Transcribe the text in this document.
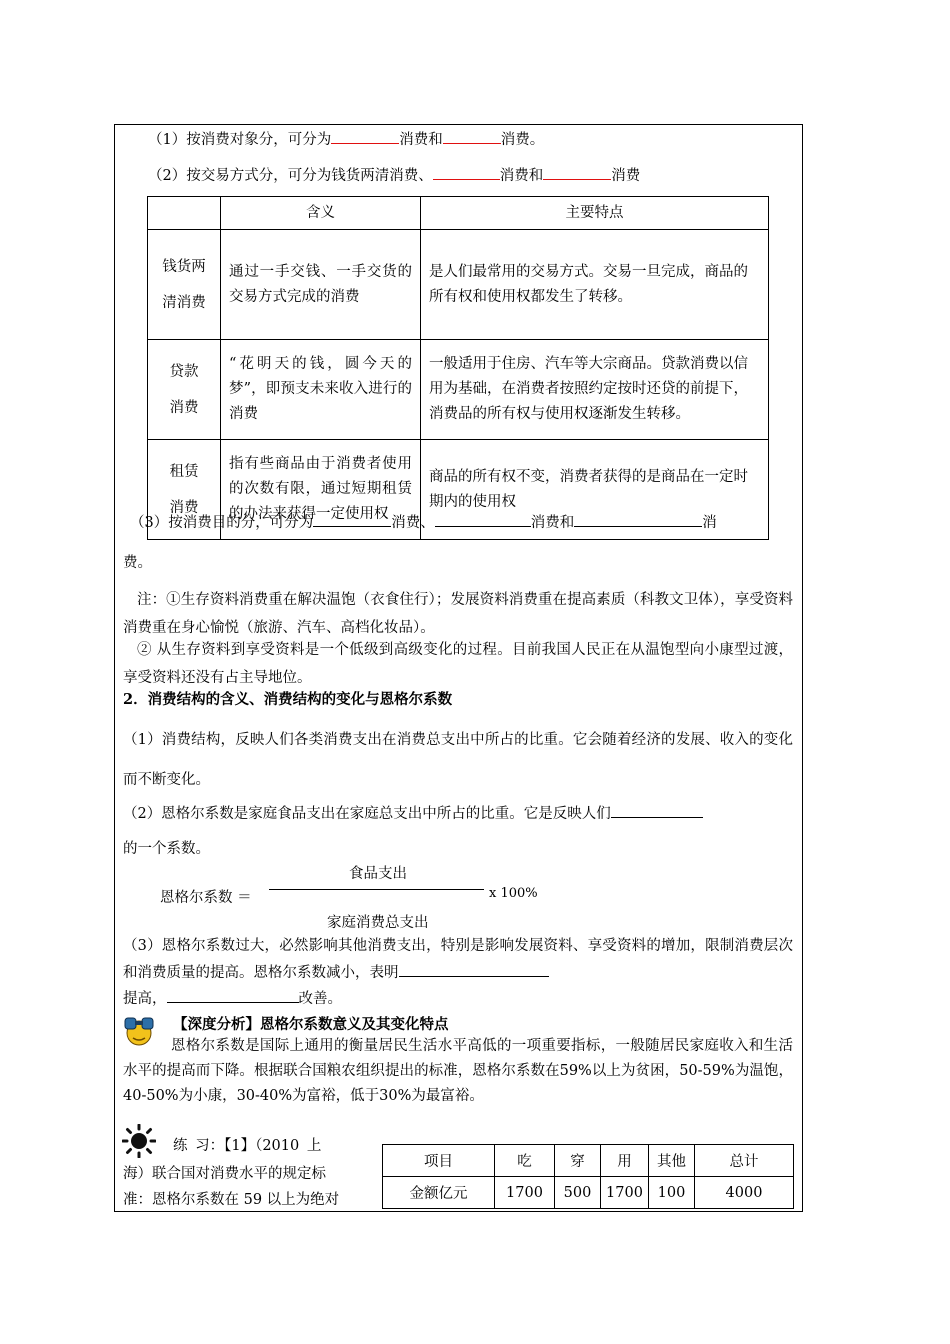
（1）按消费对象分，可分为	消费和	消费。
（2）按交易方式分，可分为钱货两清消费、	消费和	消费
	含义	主要特点
钱货两
清消费	通过一手交钱、一手交货的交易方式完成的消费	是人们最常用的交易方式。交易一旦完成，商品的所有权和使用权都发生了转移。
贷款
消费	“花明天的钱，圆今天的梦”，即预支未来收入进行的消费	一般适用于住房、汽车等大宗商品。贷款消费以信用为基础，在消费者按照约定按时还贷的前提下，消费品的所有权与使用权逐渐发生转移。
租赁
消费	指有些商品由于消费者使用的次数有限，通过短期租赁的办法来获得一定使用权	商品的所有权不变，消费者获得的是商品在一定时期内的使用权
（3）按消费目的分，可分为	消费、	消费和	消
费。
注：①生存资料消费重在解决温饱（衣食住行）；发展资料消费重在提高素质（科教文卫体），享受资料消费重在身心愉悦（旅游、汽车、高档化妆品）。
② 从生存资料到享受资料是一个低级到高级变化的过程。目前我国人民正在从温饱型向小康型过渡，享受资料还没有占主导地位。
2．消费结构的含义、消费结构的变化与恩格尔系数
（1）消费结构，反映人们各类消费支出在消费总支出中所占的比重。它会随着经济的发展、收入的变化而不断变化。
（2）恩格尔系数是家庭食品支出在家庭总支出中所占的比重。它是反映人们
的一个系数。
食品支出
恩格尔系数 ＝	x 100%
家庭消费总支出
（3）恩格尔系数过大，必然影响其他消费支出，特别是影响发展资料、享受资料的增加，限制消费层次和消费质量的提高。恩格尔系数减小，表明
提高，	改善。
【深度分析】恩格尔系数意义及其变化特点
恩格尔系数是国际上通用的衡量居民生活水平高低的一项重要指标，一般随居民家庭收入和生活水平的提高而下降。根据联合国粮农组织提出的标准，恩格尔系数在59%以上为贫困，50-59%为温饱，40-50%为小康，30-40%为富裕，低于30%为最富裕。
练 习：【1】（2010 上
海）联合国对消费水平的规定标
准：恩格尔系数在 59 以上为绝对
项目	吃	穿	用	其他	总计
金额亿元	1700	500	1700	100	4000
